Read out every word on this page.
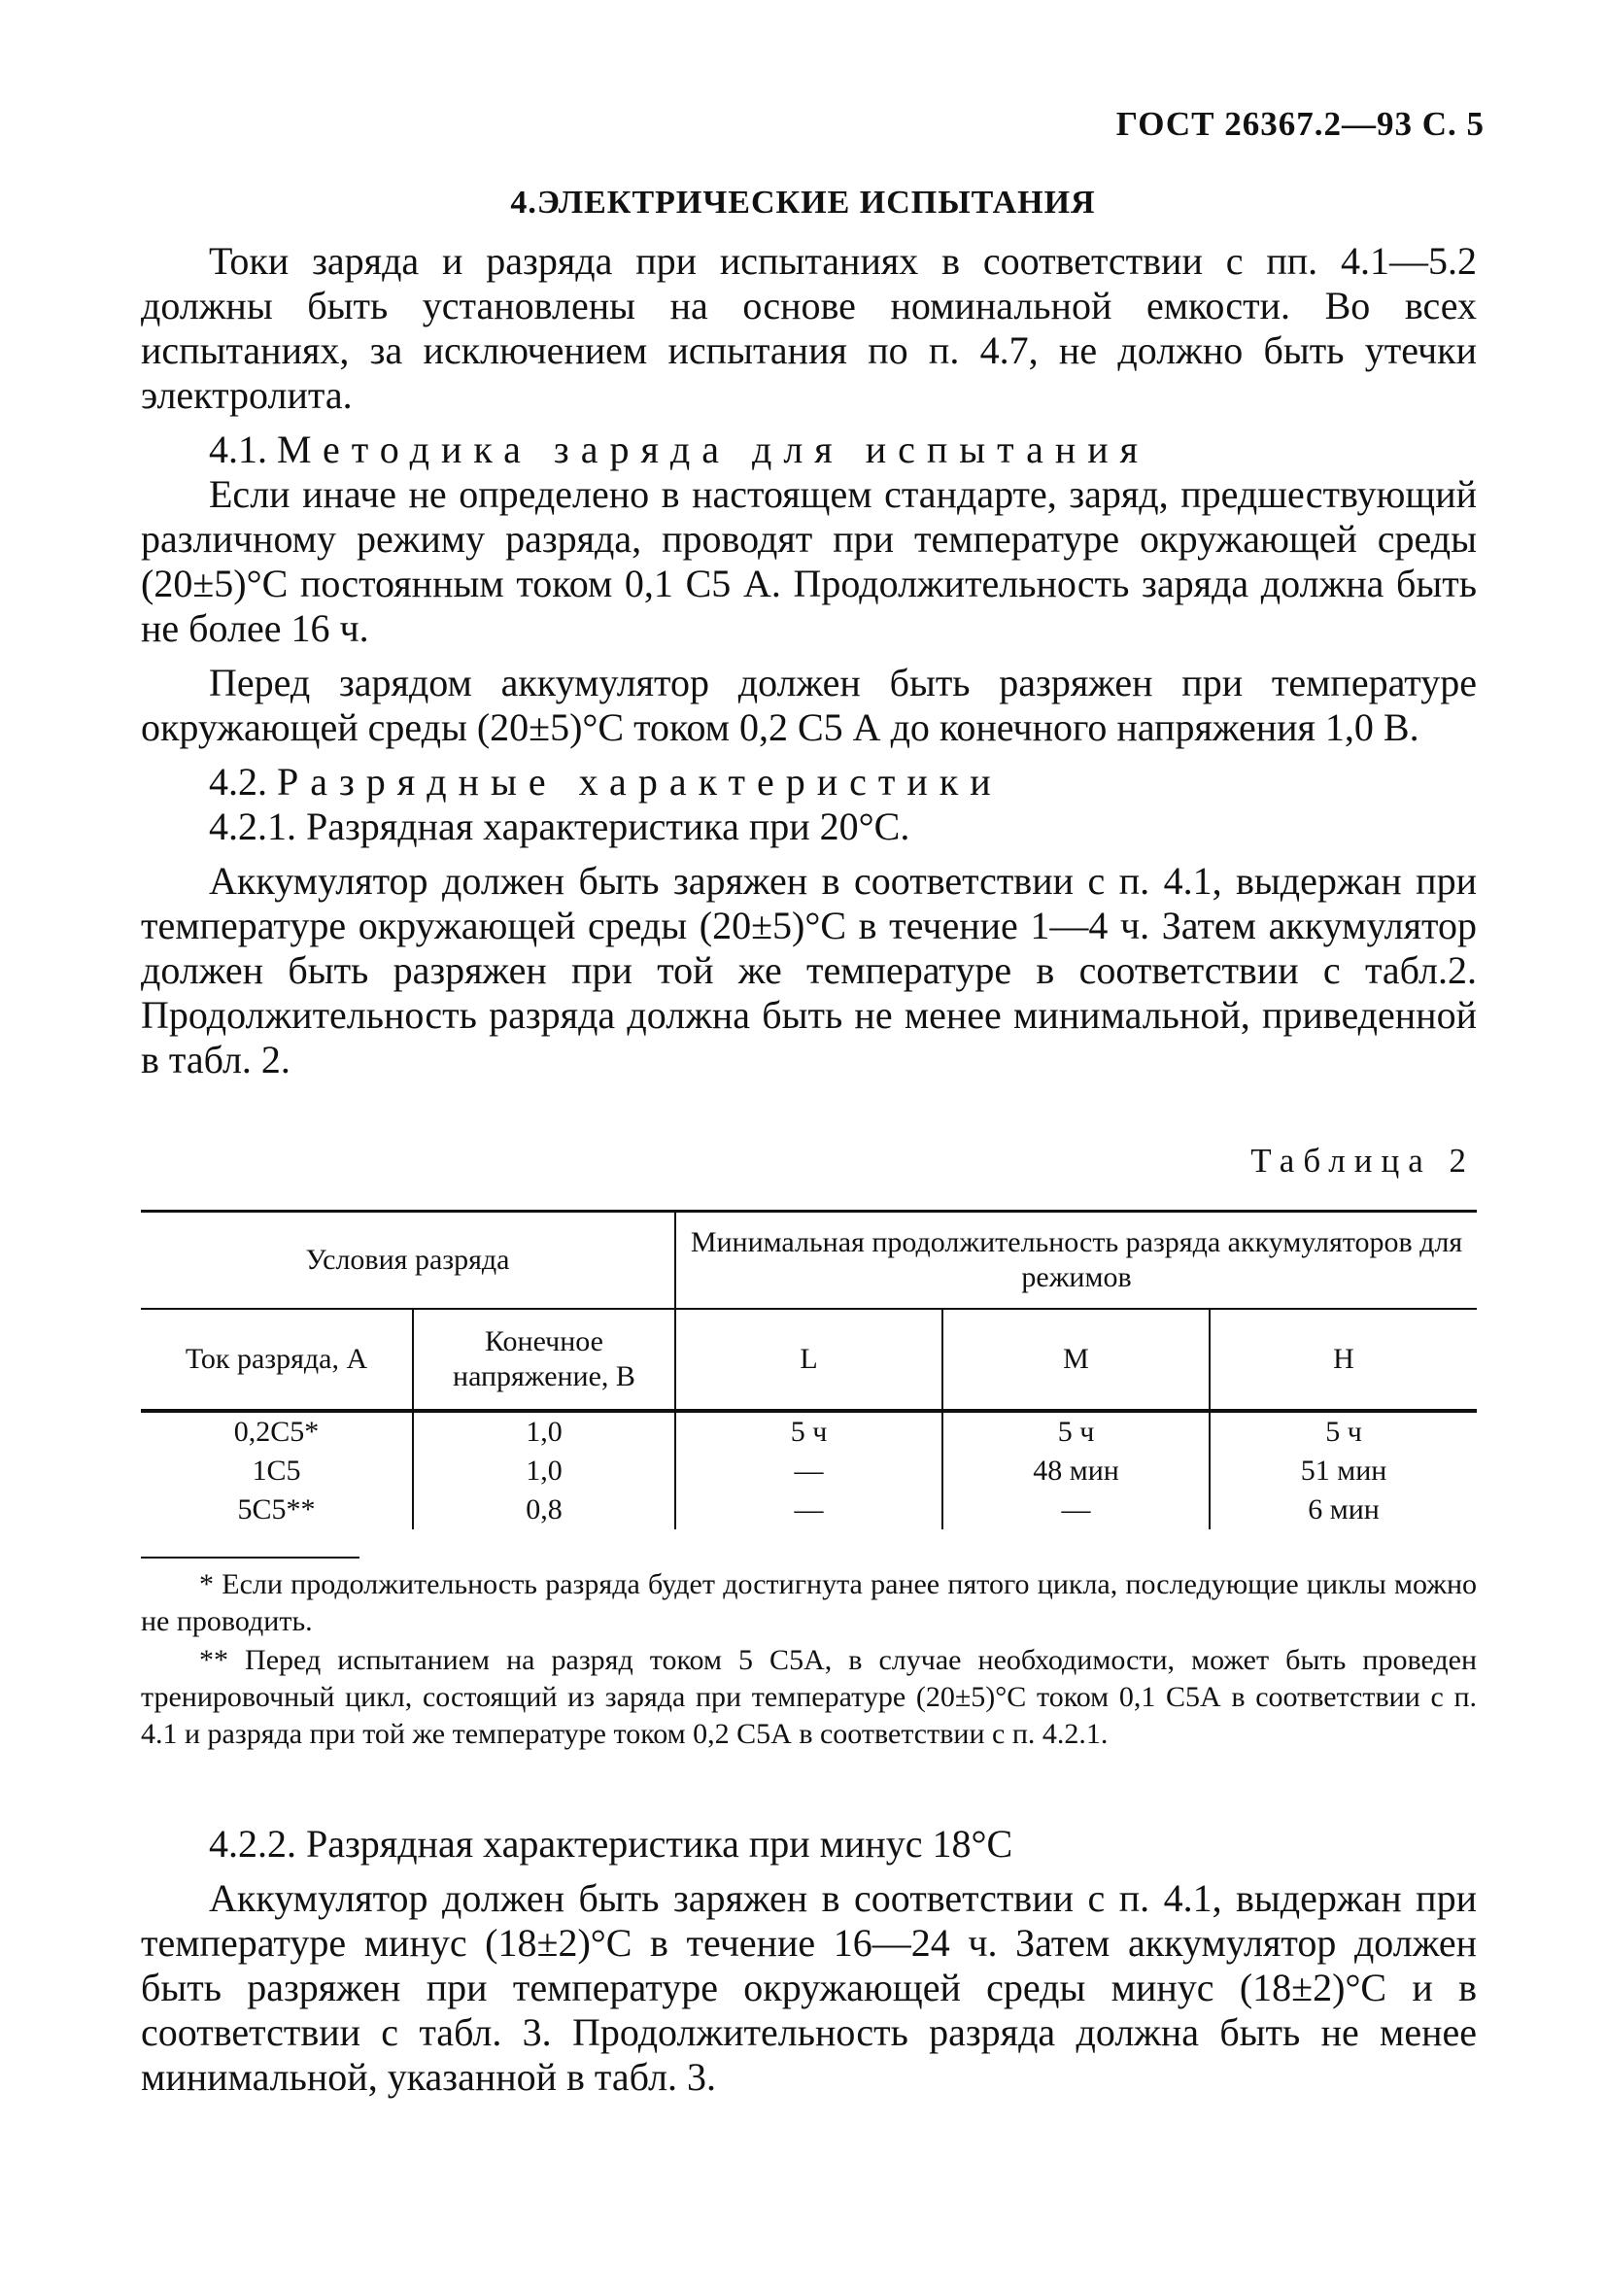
ГОСТ 26367.2—93 С. 5
4.ЭЛЕКТРИЧЕСКИЕ ИСПЫТАНИЯ

Токи заряда и разряда при испытаниях в соответствии с пп. 4.1—5.2 должны быть установлены на основе номинальной емкости. Во всех испытаниях, за исключением испытания по п. 4.7, не должно быть утечки электролита.

4.1. Методика заряда для испытания

Если иначе не определено в настоящем стандарте, заряд, предшествующий различному режиму разряда, проводят при температуре окружающей среды (20±5)°С постоянным током 0,1 C5 А. Продолжительность заряда должна быть не более 16 ч.

Перед зарядом аккумулятор должен быть разряжен при температуре окружающей среды (20±5)°С током 0,2 C5 А до конечного напряжения 1,0 В.

4.2. Разрядные характеристики

4.2.1. Разрядная характеристика при 20°С.

Аккумулятор должен быть заряжен в соответствии с п. 4.1, выдержан при температуре окружающей среды (20±5)°С в течение 1—4 ч. Затем аккумулятор должен быть разряжен при той же температуре в соответствии с табл.2. Продолжительность разряда должна быть не менее минимальной, приведенной в табл. 2.

Таблица 2
Условия разряда		Минимальная продолжительность разряда аккумуляторов для режимов		
Ток разряда, А	Конечное напряжение, В	L	M	H
0,2C5*	1,0	5 ч	5 ч	5 ч
1C5	1,0	—	48 мин	51 мин
5C5**	0,8	—	—	6 мин

* Если продолжительность разряда будет достигнута ранее пятого цикла, последующие циклы можно не проводить.

** Перед испытанием на разряд током 5 C5А, в случае необходимости, может быть проведен тренировочный цикл, состоящий из заряда при температуре (20±5)°С током 0,1 C5А в соответствии с п. 4.1 и разряда при той же температуре током 0,2 C5А в соответствии с п. 4.2.1.

4.2.2. Разрядная характеристика при минус 18°С

Аккумулятор должен быть заряжен в соответствии с п. 4.1, выдержан при температуре минус (18±2)°С в течение 16—24 ч. Затем аккумулятор должен быть разряжен при температуре окружающей среды минус (18±2)°С и в соответствии с табл. 3. Продолжительность разряда должна быть не менее минимальной, указанной в табл. 3.
